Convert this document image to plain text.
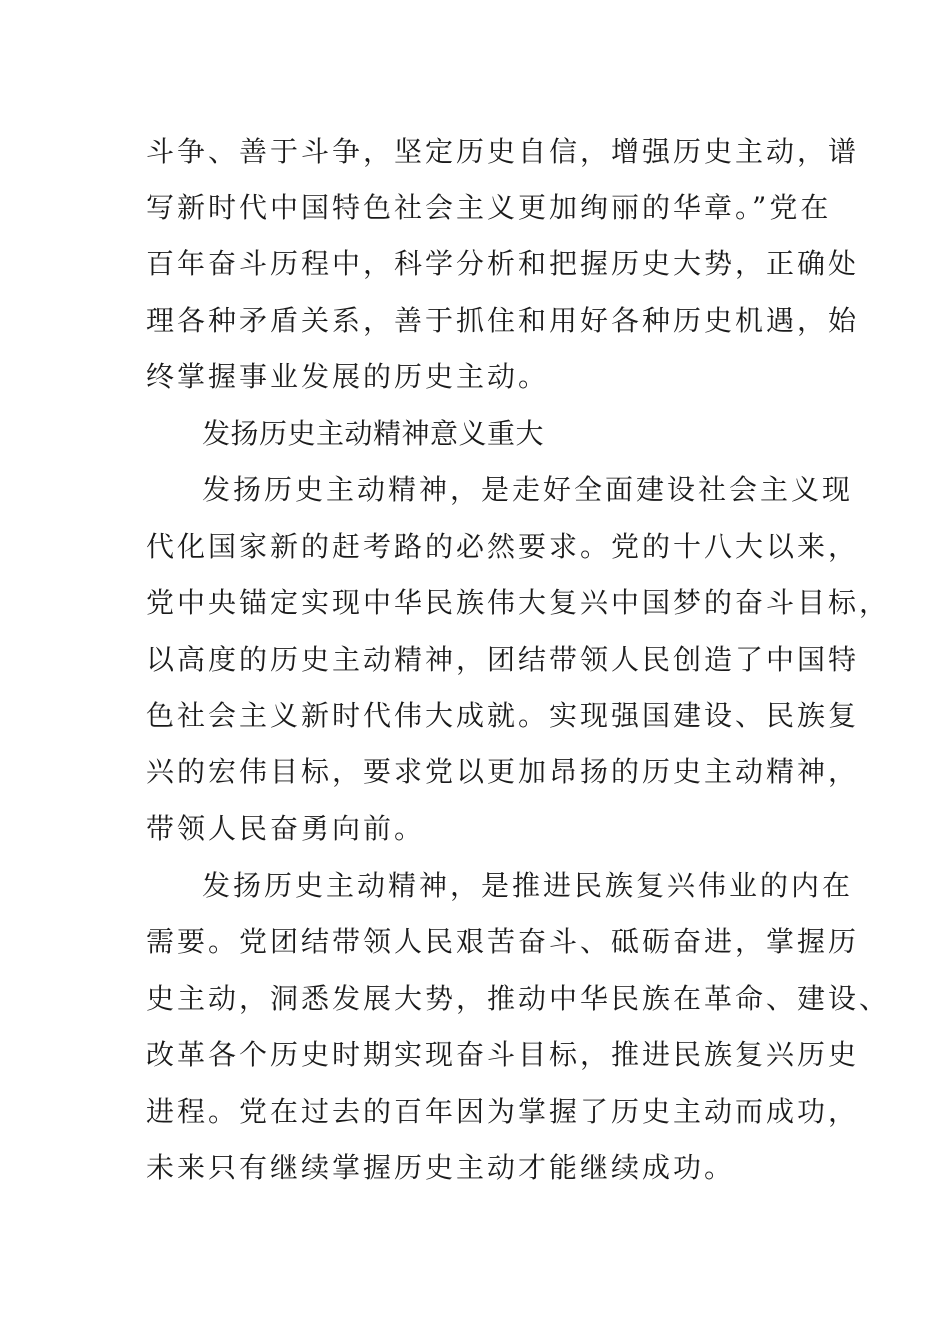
斗争、善于斗争，坚定历史自信，增强历史主动，谱
写新时代中国特色社会主义更加绚丽的华章。”党在
百年奋斗历程中，科学分析和把握历史大势，正确处
理各种矛盾关系，善于抓住和用好各种历史机遇，始
终掌握事业发展的历史主动。
发扬历史主动精神意义重大
发扬历史主动精神，是走好全面建设社会主义现
代化国家新的赶考路的必然要求。党的十八大以来，
党中央锚定实现中华民族伟大复兴中国梦的奋斗目标，
以高度的历史主动精神，团结带领人民创造了中国特
色社会主义新时代伟大成就。实现强国建设、民族复
兴的宏伟目标，要求党以更加昂扬的历史主动精神，
带领人民奋勇向前。
发扬历史主动精神，是推进民族复兴伟业的内在
需要。党团结带领人民艰苦奋斗、砥砺奋进，掌握历
史主动，洞悉发展大势，推动中华民族在革命、建设、
改革各个历史时期实现奋斗目标，推进民族复兴历史
进程。党在过去的百年因为掌握了历史主动而成功，
未来只有继续掌握历史主动才能继续成功。
